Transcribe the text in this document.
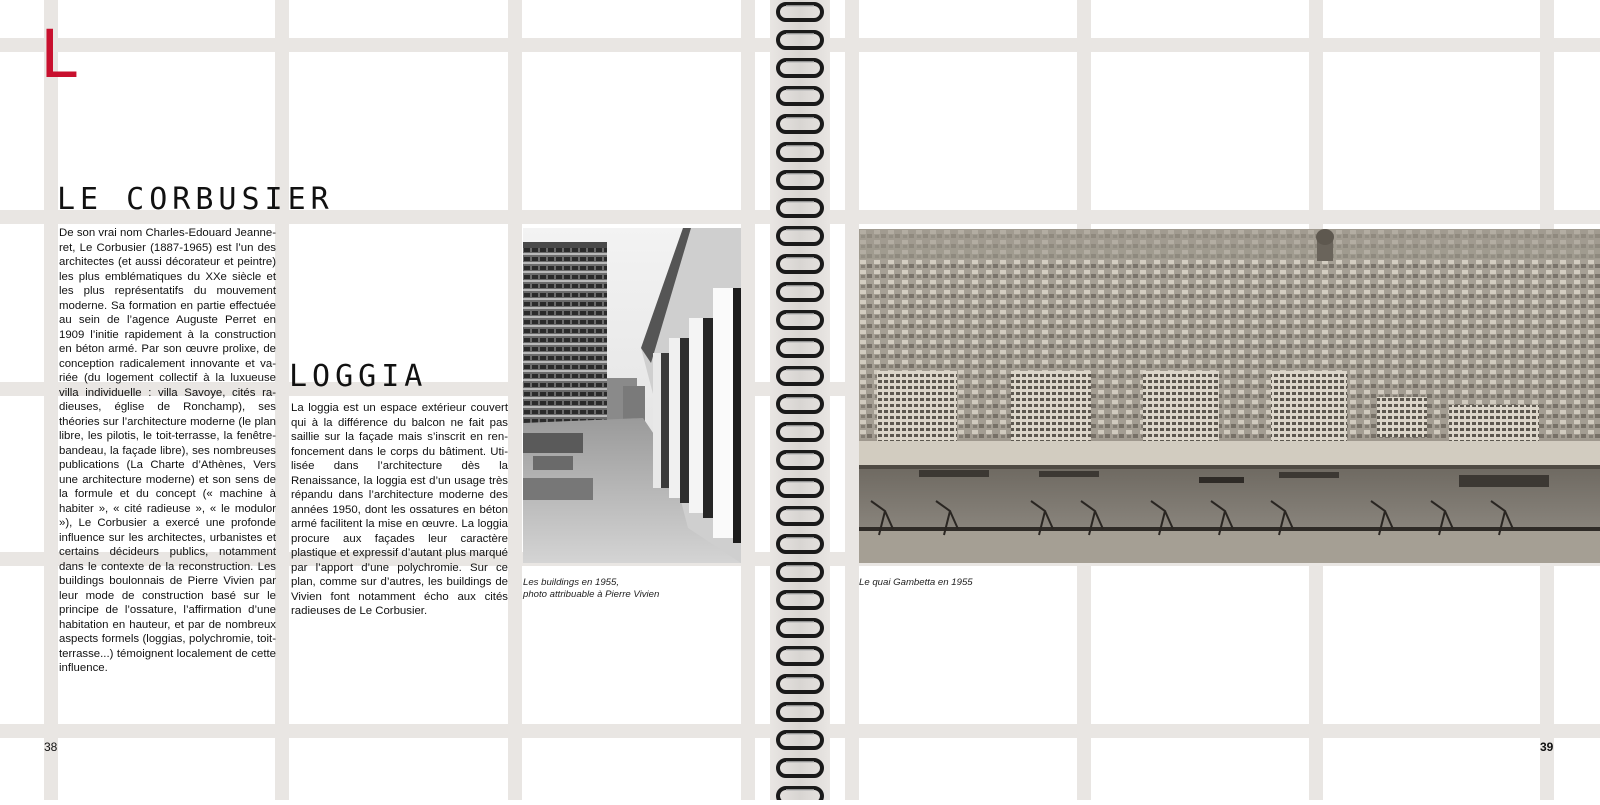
L
LE CORBUSIER

De son vrai nom Charles-Edouard Jeanneret, Le Corbusier (1887-1965) est l’un des architectes (et aussi décorateur et peintre) les plus emblématiques du XXe siècle et les plus représentatifs du mouvement moderne. Sa formation en partie effectuée au sein de l’agence Auguste Perret en 1909 l’initie rapidement à la construction en béton armé. Par son œuvre prolixe, de conception radicalement innovante et variée (du logement collectif à la luxueuse villa individuelle : villa Savoye, cités radieuses, église de Ronchamp), ses théories sur l’architecture moderne (le plan libre, les pilotis, le toit-terrasse, la fenêtre-bandeau, la façade libre), ses nombreuses publications (La Charte d’Athènes, Vers une architecture moderne) et son sens de la formule et du concept (« machine à habiter », « cité radieuse », « le modulor »), Le Corbusier a exercé une profonde influence sur les architectes, urbanistes et certains décideurs publics, notamment dans le contexte de la reconstruction. Les buildings boulonnais de Pierre Vivien par leur mode de construction basé sur le principe de l’ossature, l’affirmation d’une habitation en hauteur, et par de nombreux aspects formels (loggias, polychromie, toit-terrasse...) témoignent localement de cette influence.

LOGGIA

La loggia est un espace extérieur couvert qui à la différence du balcon ne fait pas saillie sur la façade mais s’inscrit en renfoncement dans le corps du bâtiment. Utilisée dans l’architecture dès la Renaissance, la loggia est d’un usage très répandu dans l’architecture moderne des années 1950, dont les ossatures en béton armé facilitent la mise en œuvre. La loggia procure aux façades leur caractère plastique et expressif d’autant plus marqué par l’apport d’une polychromie. Sur ce plan, comme sur d’autres, les buildings de Vivien font notamment écho aux cités radieuses de Le Corbusier.

38

Les buildings en 1955,
photo attribuable à Pierre Vivien

39

Le quai Gambetta en 1955
